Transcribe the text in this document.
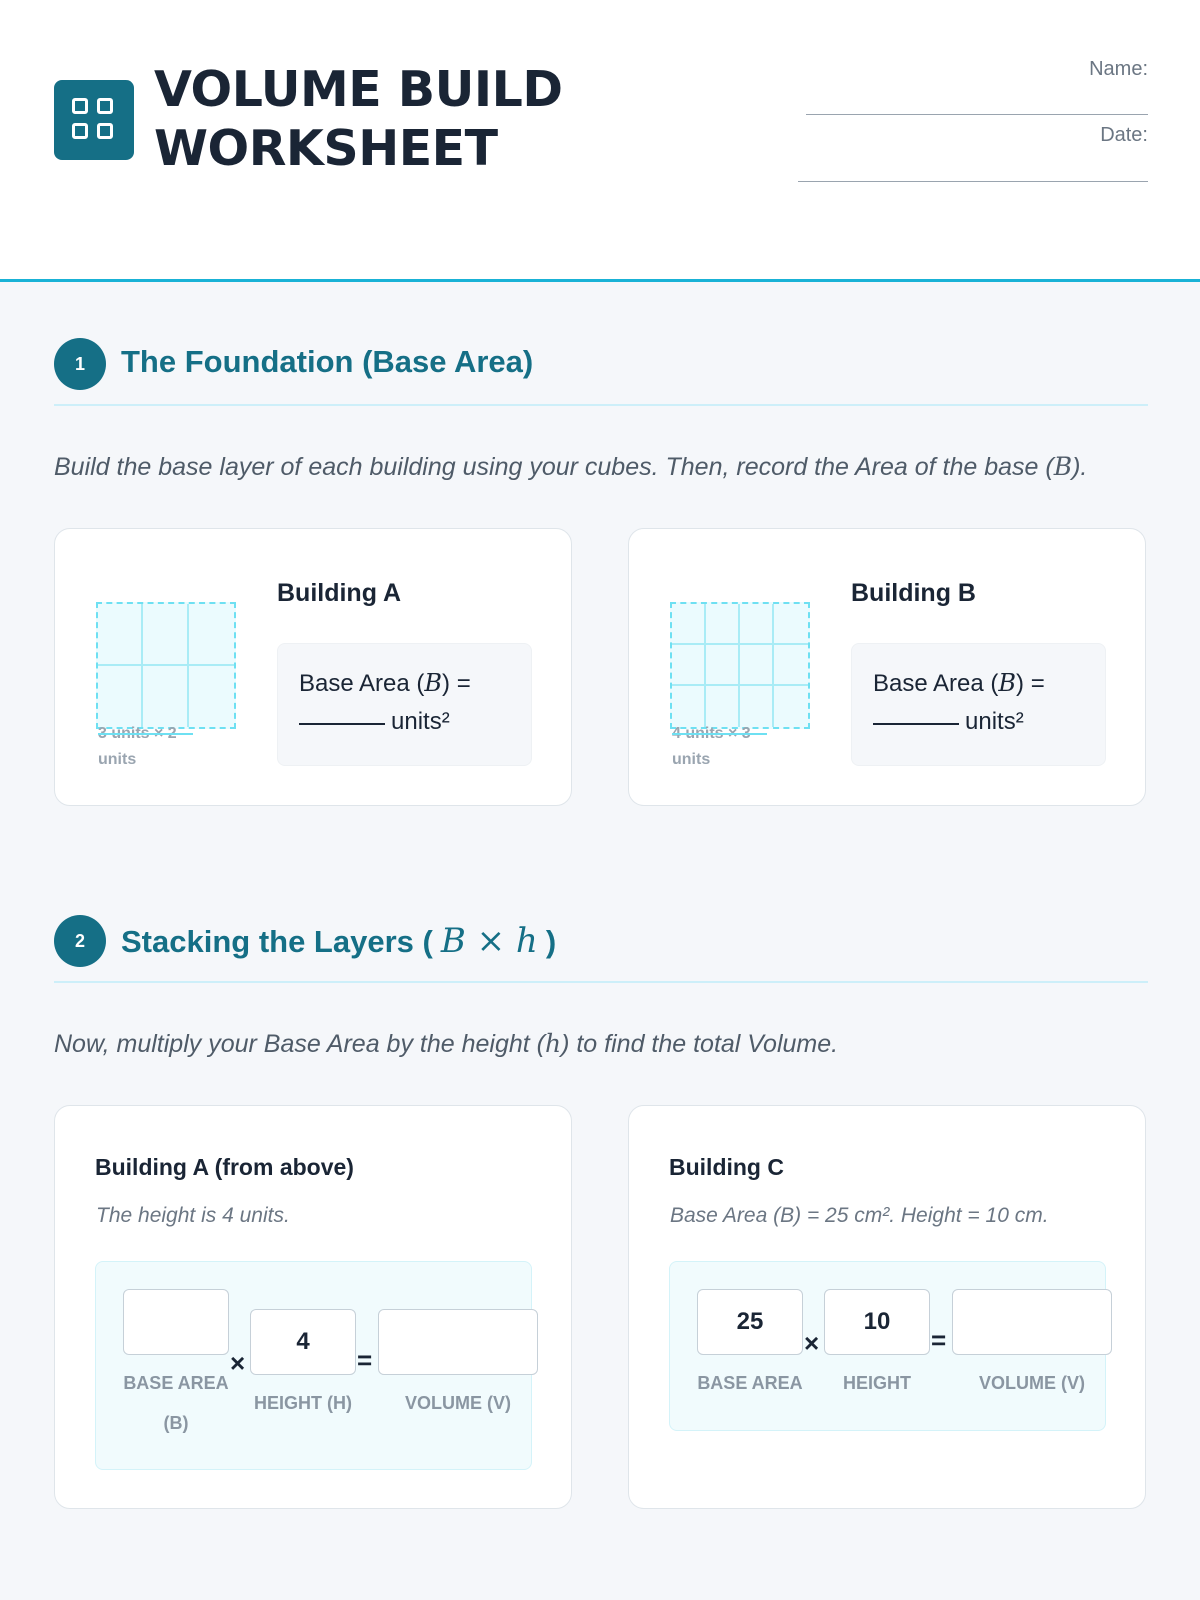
VOLUME BUILD
WORKSHEET
Name:
Date:
1	The Foundation (Base Area)
Build the base layer of each building using your cubes. Then, record the Area of the base (B).
3 units × 2 units
Building A
Base Area (B) =
units²	4 units × 3 units
Building B
Base Area (B) =
units²
2	Stacking the Layers ( B × h )
Now, multiply your Base Area by the height (h) to find the total Volume.
Building A (from above)
The height is 4 units.
×
4
=
BASE AREA
(B)
HEIGHT (H)	VOLUME (V)
Building C
Base Area (B) = 25 cm². Height = 10 cm.
25
×
10
=
BASE AREA	HEIGHT	VOLUME (V)
